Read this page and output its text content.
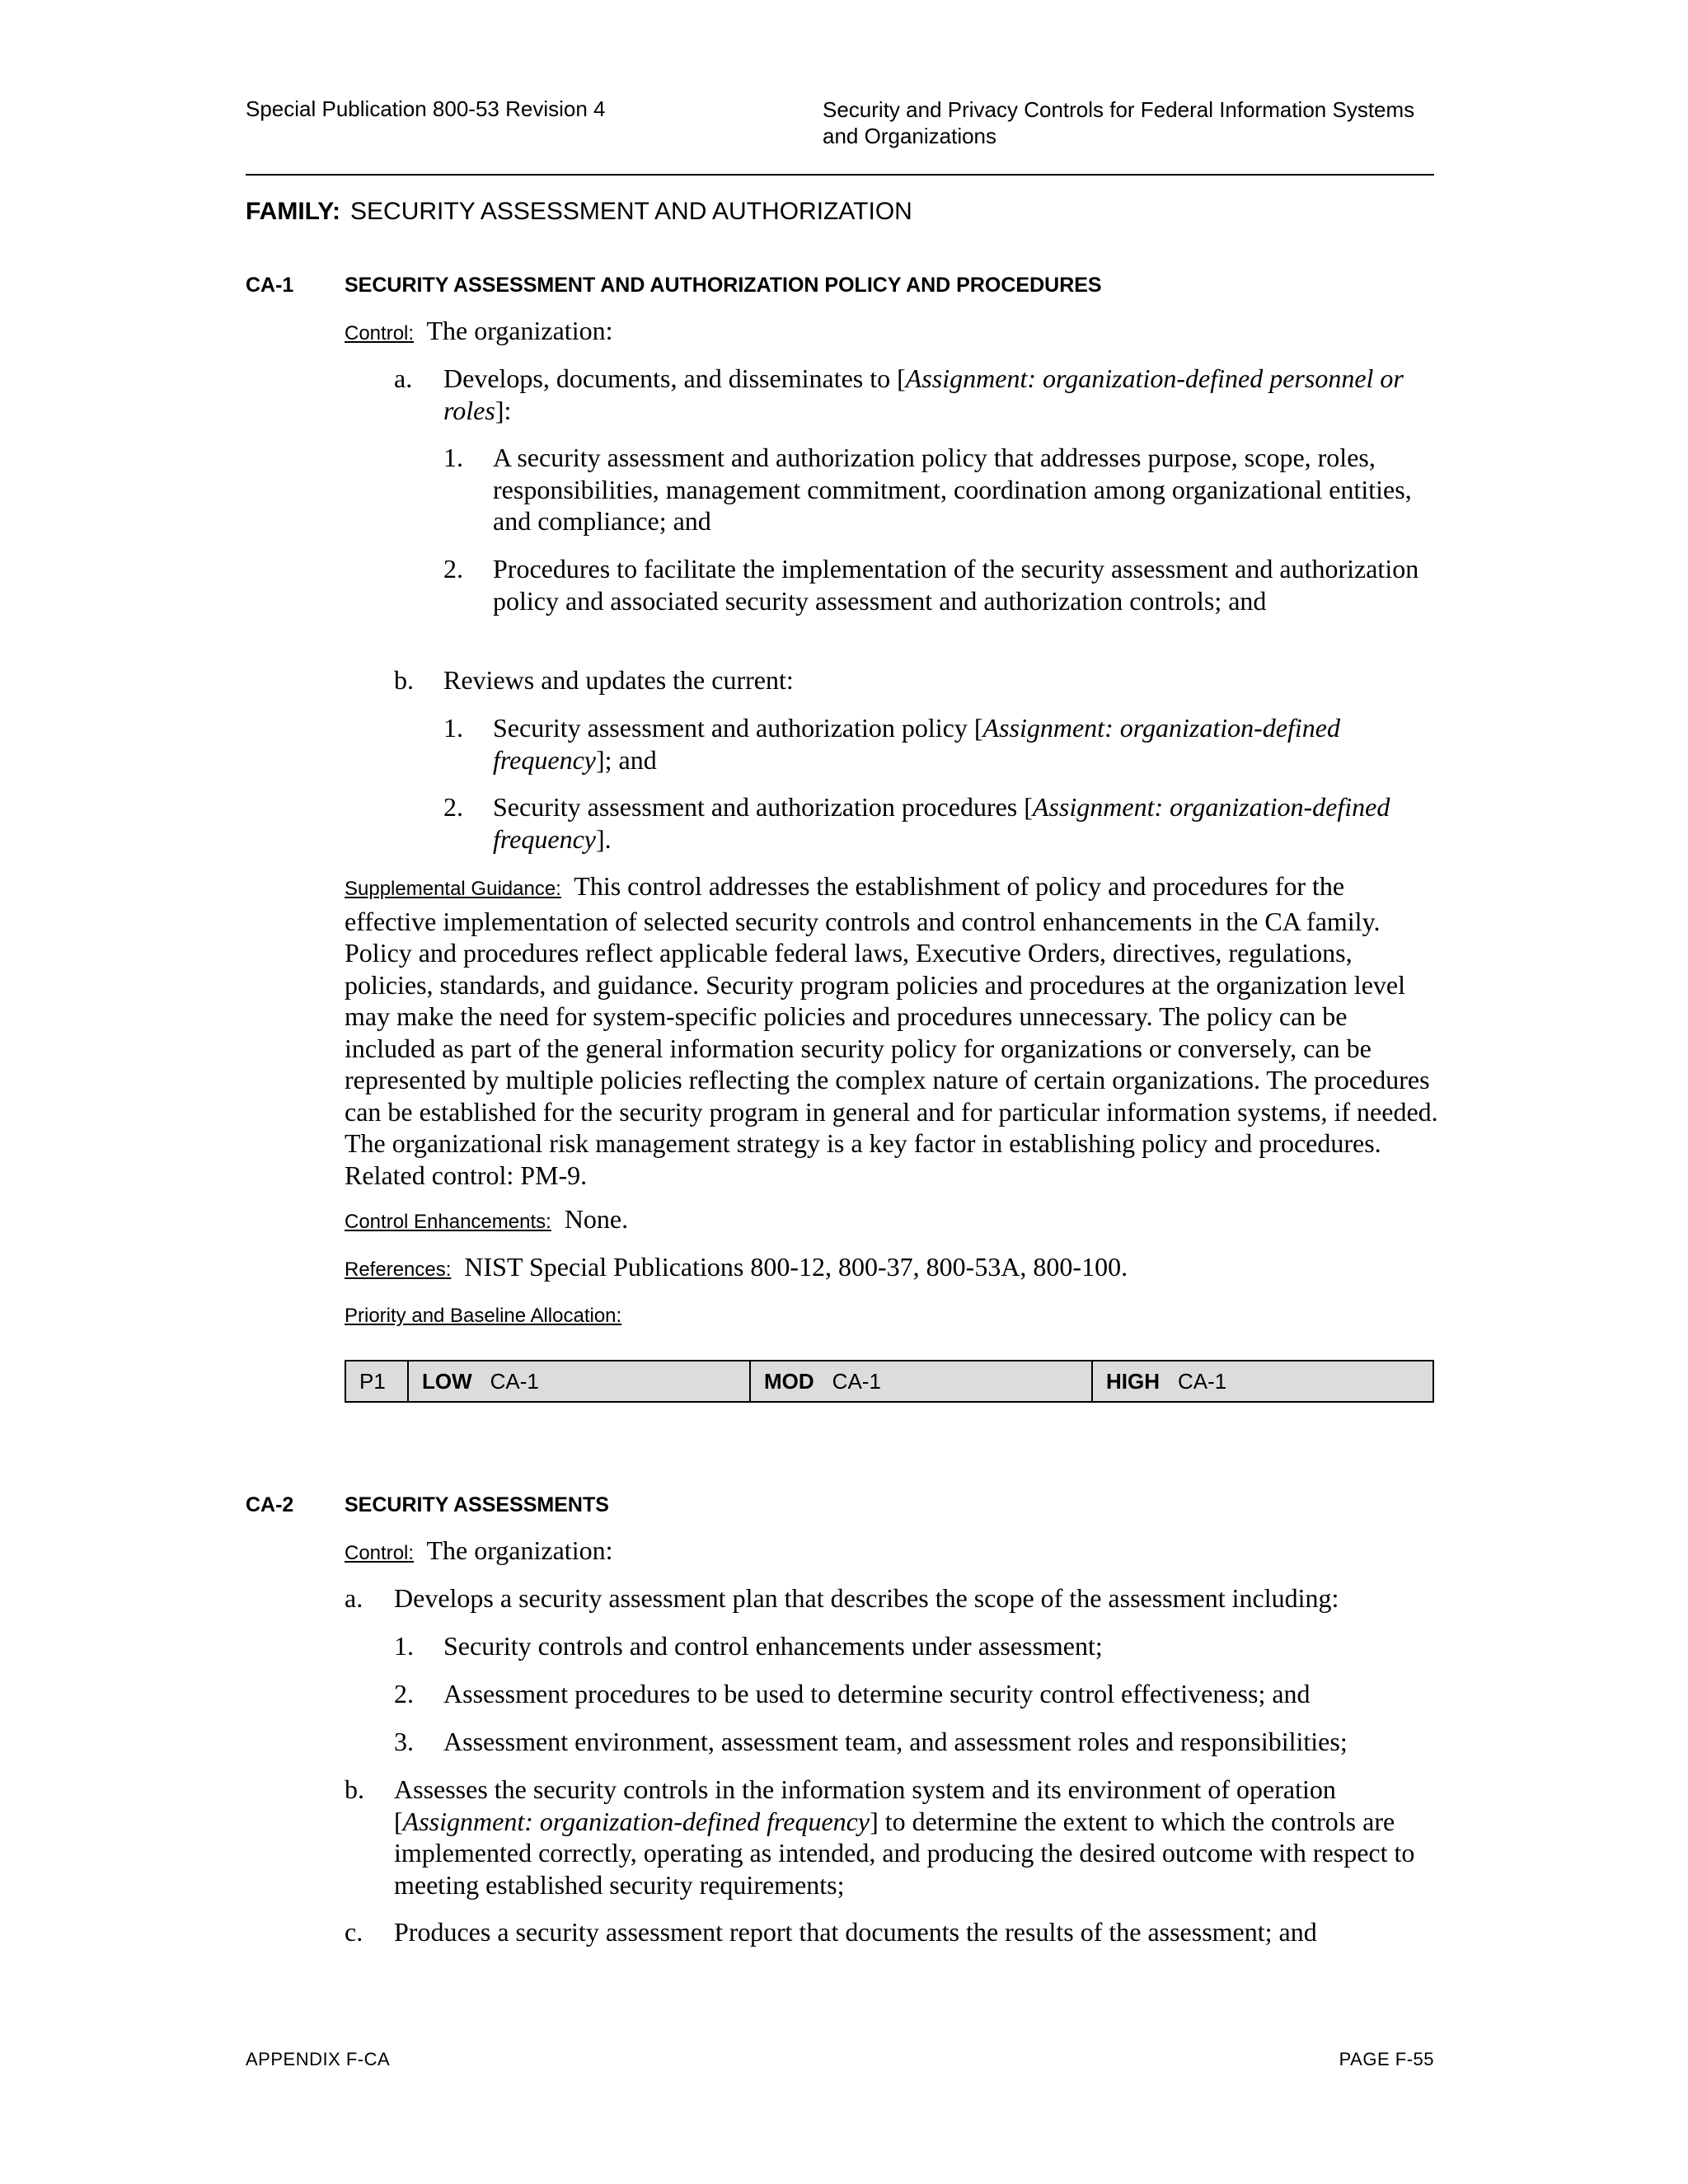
Special Publication 800-53 Revision 4	Security and Privacy Controls for Federal Information Systems
and Organizations
FAMILY: SECURITY ASSESSMENT AND AUTHORIZATION
CA-1 SECURITY ASSESSMENT AND AUTHORIZATION POLICY AND PROCEDURES
Control: The organization:
a. Develops, documents, and disseminates to [Assignment: organization-defined personnel or roles]:
1. A security assessment and authorization policy that addresses purpose, scope, roles, responsibilities, management commitment, coordination among organizational entities, and compliance; and
2. Procedures to facilitate the implementation of the security assessment and authorization policy and associated security assessment and authorization controls; and
b. Reviews and updates the current:
1. Security assessment and authorization policy [Assignment: organization-defined frequency]; and
2. Security assessment and authorization procedures [Assignment: organization-defined frequency].
Supplemental Guidance: This control addresses the establishment of policy and procedures for the effective implementation of selected security controls and control enhancements in the CA family. Policy and procedures reflect applicable federal laws, Executive Orders, directives, regulations, policies, standards, and guidance. Security program policies and procedures at the organization level may make the need for system-specific policies and procedures unnecessary. The policy can be included as part of the general information security policy for organizations or conversely, can be represented by multiple policies reflecting the complex nature of certain organizations. The procedures can be established for the security program in general and for particular information systems, if needed. The organizational risk management strategy is a key factor in establishing policy and procedures. Related control: PM-9.
Control Enhancements: None.
References: NIST Special Publications 800-12, 800-37, 800-53A, 800-100.
Priority and Baseline Allocation:
P1 LOW CA-1	MOD CA-1	HIGH CA-1
CA-2 SECURITY ASSESSMENTS
Control: The organization:
a. Develops a security assessment plan that describes the scope of the assessment including:
1. Security controls and control enhancements under assessment;
2. Assessment procedures to be used to determine security control effectiveness; and
3. Assessment environment, assessment team, and assessment roles and responsibilities;
b. Assesses the security controls in the information system and its environment of operation [Assignment: organization-defined frequency] to determine the extent to which the controls are implemented correctly, operating as intended, and producing the desired outcome with respect to meeting established security requirements;
c. Produces a security assessment report that documents the results of the assessment; and
APPENDIX F-CA	PAGE F-55
